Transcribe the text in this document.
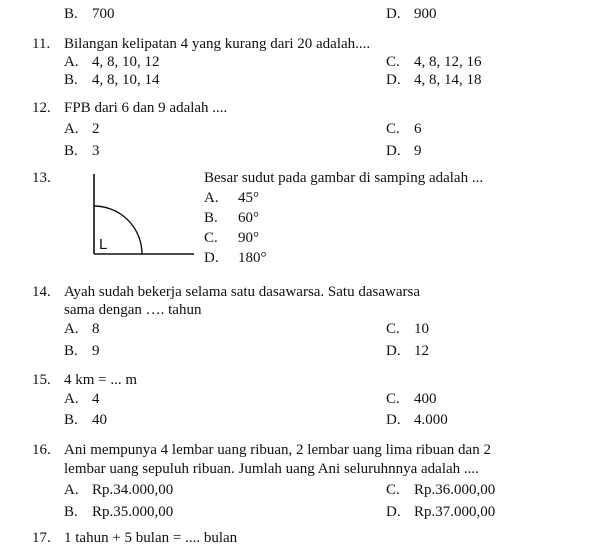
B. 700	D. 900
11. Bilangan kelipatan 4 yang kurang dari 20 adalah....
A. 4, 8, 10, 12	C. 4, 8, 12, 16
B. 4, 8, 10, 14	D. 4, 8, 14, 18
12. FPB dari 6 dan 9 adalah ....
A. 2	C. 6
B. 3	D. 9
13.
L
Besar sudut pada gambar di samping adalah ...
A. 45°
B. 60°
C. 90°
D. 180°
14. Ayah sudah bekerja selama satu dasawarsa. Satu dasawarsa
sama dengan …. tahun
A. 8	C. 10
B. 9	D. 12
15. 4 km = ... m
A. 4	C. 400
B. 40	D. 4.000
16. Ani mempunya 4 lembar uang ribuan, 2 lembar uang lima ribuan dan 2
lembar uang sepuluh ribuan. Jumlah uang Ani seluruhnnya adalah ....
A. Rp.34.000,00	C. Rp.36.000,00
B. Rp.35.000,00	D. Rp.37.000,00
17. 1 tahun + 5 bulan = .... bulan
